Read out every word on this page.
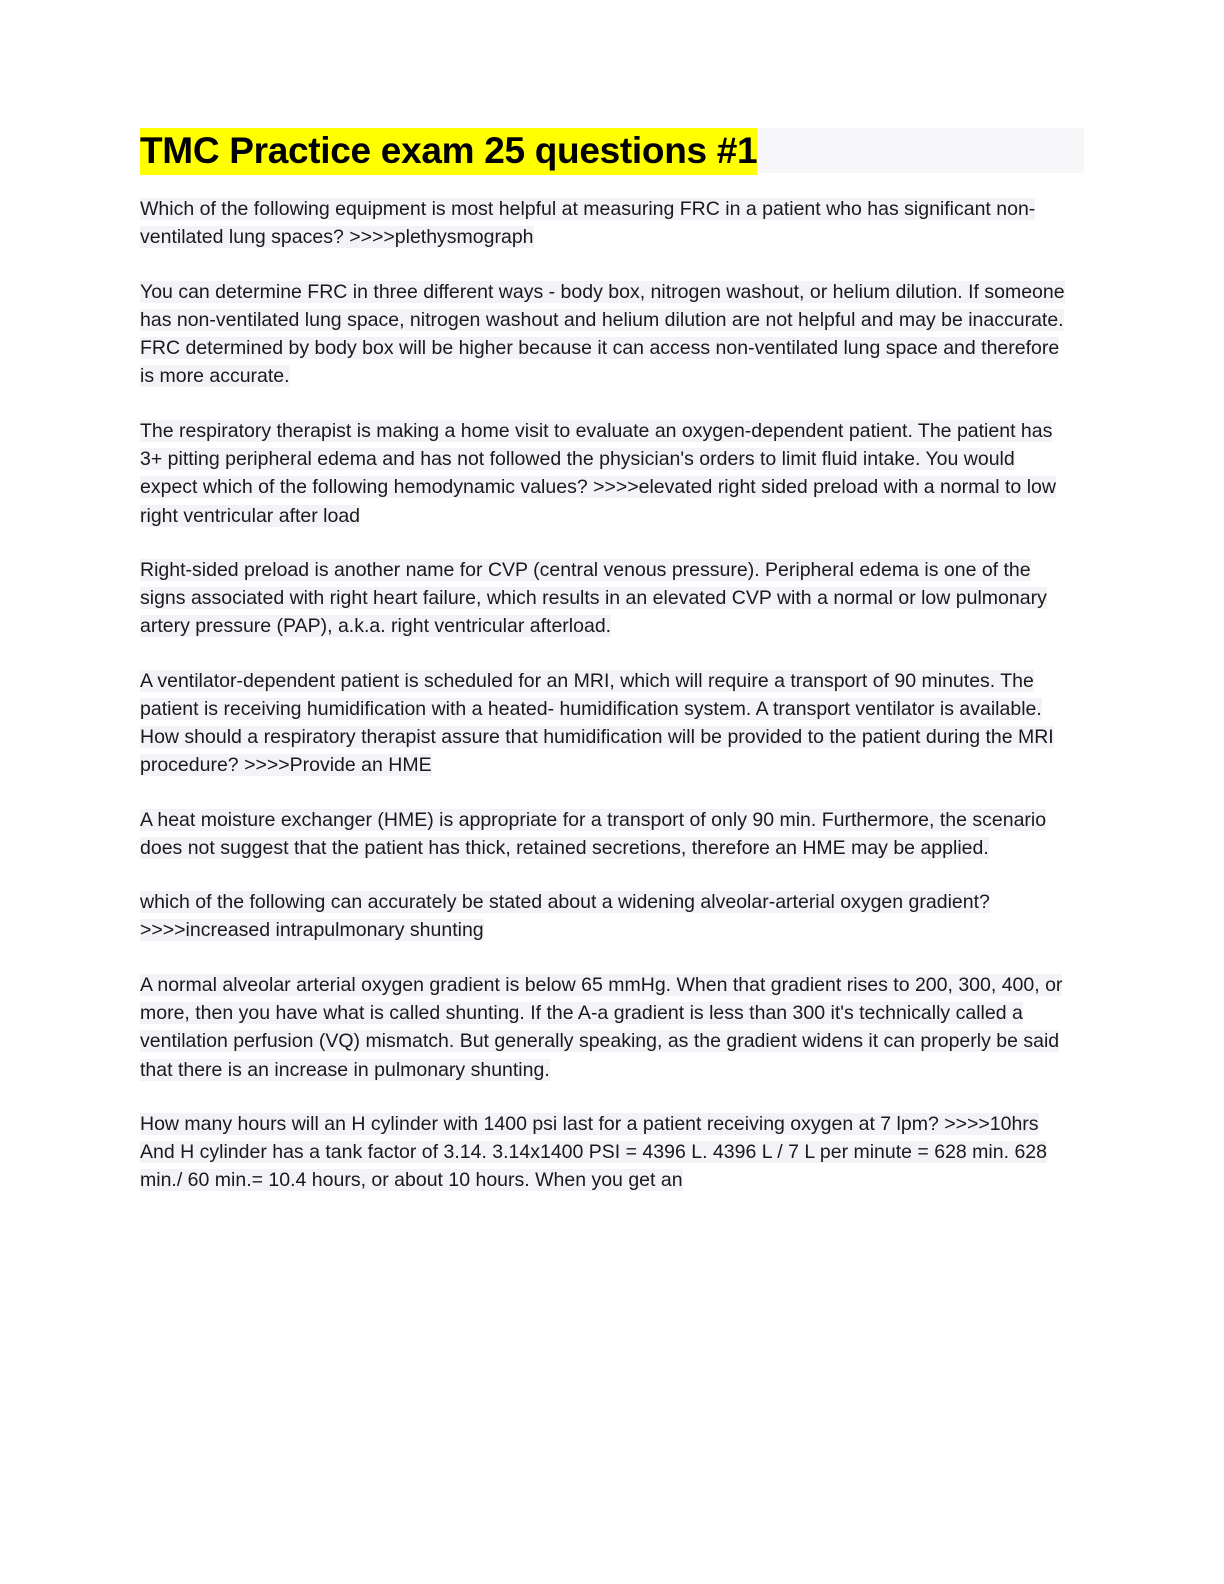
TMC Practice exam 25 questions #1

Which of the following equipment is most helpful at measuring FRC in a patient who has significant non-ventilated lung spaces? >>>>plethysmograph

You can determine FRC in three different ways - body box, nitrogen washout, or helium dilution. If someone has non-ventilated lung space, nitrogen washout and helium dilution are not helpful and may be inaccurate. FRC determined by body box will be higher because it can access non-ventilated lung space and therefore is more accurate.

The respiratory therapist is making a home visit to evaluate an oxygen-dependent patient. The patient has 3+ pitting peripheral edema and has not followed the physician's orders to limit fluid intake. You would expect which of the following hemodynamic values? >>>>elevated right sided preload with a normal to low right ventricular after load

Right-sided preload is another name for CVP (central venous pressure). Peripheral edema is one of the signs associated with right heart failure, which results in an elevated CVP with a normal or low pulmonary artery pressure (PAP), a.k.a. right ventricular afterload.

A ventilator-dependent patient is scheduled for an MRI, which will require a transport of 90 minutes. The patient is receiving humidification with a heated- humidification system. A transport ventilator is available. How should a respiratory therapist assure that humidification will be provided to the patient during the MRI procedure? >>>>Provide an HME

A heat moisture exchanger (HME) is appropriate for a transport of only 90 min. Furthermore, the scenario does not suggest that the patient has thick, retained secretions, therefore an HME may be applied.

which of the following can accurately be stated about a widening alveolar-arterial oxygen gradient? >>>>increased intrapulmonary shunting

A normal alveolar arterial oxygen gradient is below 65 mmHg. When that gradient rises to 200, 300, 400, or more, then you have what is called shunting. If the A-a gradient is less than 300 it's technically called a ventilation perfusion (VQ) mismatch. But generally speaking, as the gradient widens it can properly be said that there is an increase in pulmonary shunting.

How many hours will an H cylinder with 1400 psi last for a patient receiving oxygen at 7 lpm? >>>>10hrs

And H cylinder has a tank factor of 3.14. 3.14x1400 PSI = 4396 L. 4396 L / 7 L per minute = 628 min. 628 min./ 60 min.= 10.4 hours, or about 10 hours. When you get an
